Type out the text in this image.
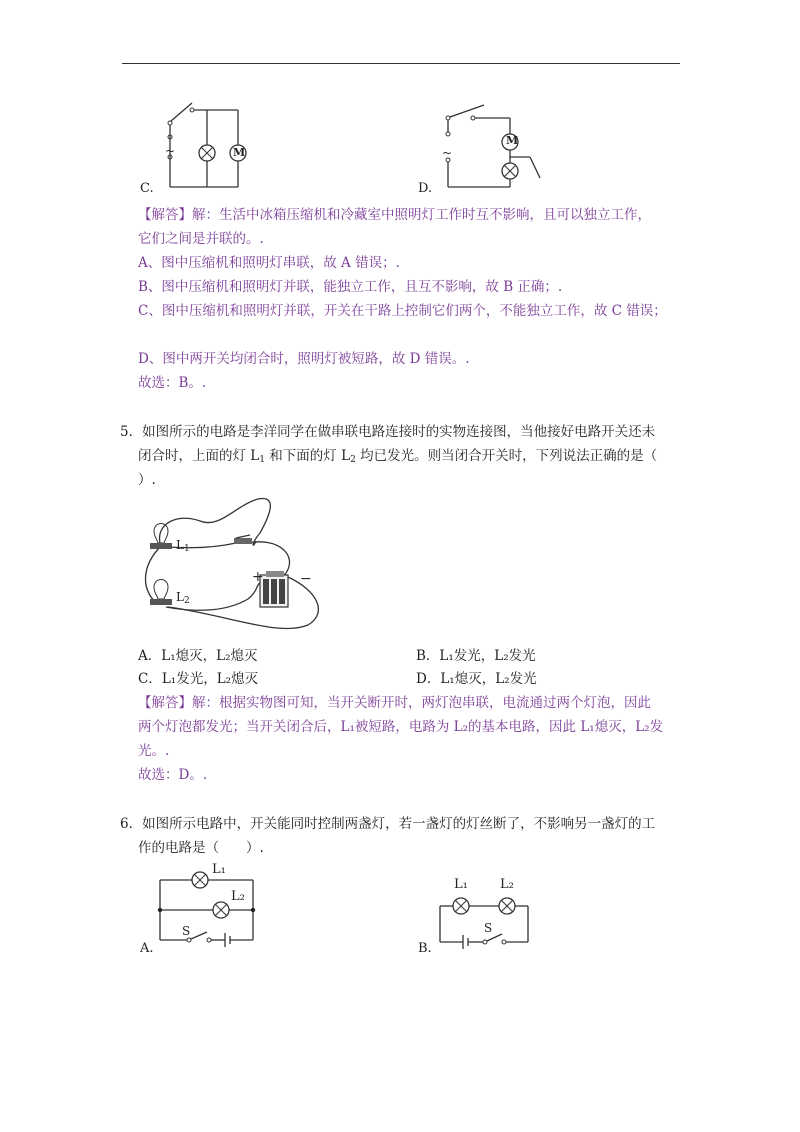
~	M
C.
~
M
D.
【解答】解：生活中冰箱压缩机和冷藏室中照明灯工作时互不影响，且可以独立工作，
它们之间是并联的。.
A、图中压缩机和照明灯串联，故 A 错误；.
B、图中压缩机和照明灯并联，能独立工作，且互不影响，故 B 正确；.
C、图中压缩机和照明灯并联，开关在干路上控制它们两个，不能独立工作，故 C 错误；
D、图中两开关均闭合时，照明灯被短路，故 D 错误。.
故选：B。.
5．如图所示的电路是李洋同学在做串联电路连接时的实物连接图，当他接好电路开关还未
闭合时，上面的灯 $L_1$ 和下面的灯 $L_2$ 均已发光。则当闭合开关时，下列说法正确的是（
）.
$L_1$
$L_2$
+	−
A．L₁熄灭，L₂熄灭	B．L₁发光，L₂发光
C．L₁发光，L₂熄灭	D．L₁熄灭，L₂发光
【解答】解：根据实物图可知，当开关断开时，两灯泡串联，电流通过两个灯泡，因此
两个灯泡都发光；当开关闭合后，L₁被短路，电路为 L₂的基本电路，因此 L₁熄灭，L₂发
光。.
故选：D。.
6．如图所示电路中，开关能同时控制两盏灯，若一盏灯的灯丝断了，不影响另一盏灯的工
作的电路是（　　）.
L₁
L₂
S
A.
L₁ L₂
S
B.
